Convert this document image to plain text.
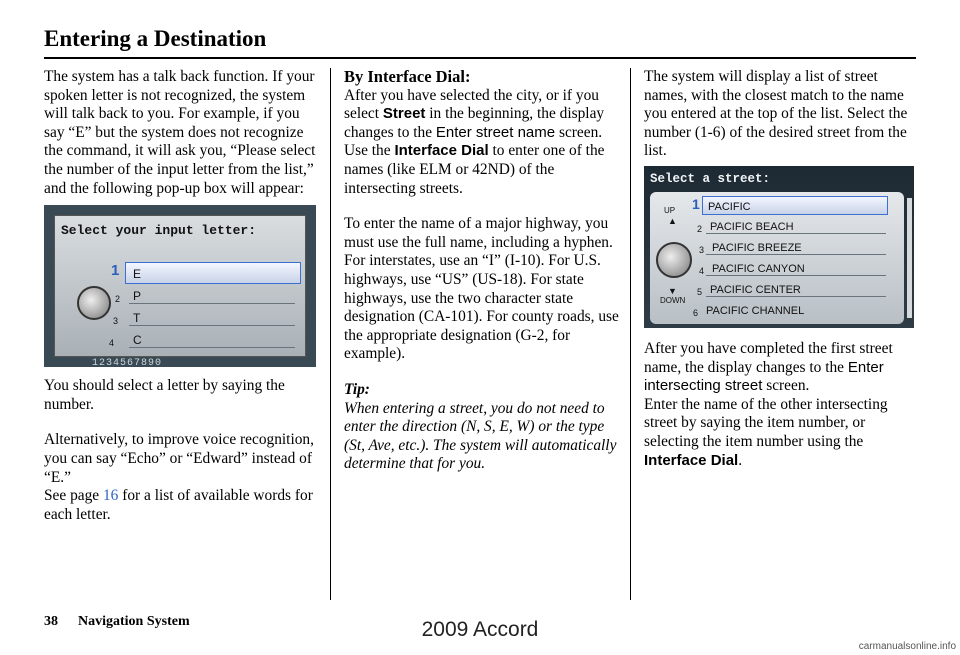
Entering a Destination

The system has a talk back function. If your spoken letter is not recognized, the system will talk back to you. For example, if you say “E” but the system does not recognize the command, it will ask you, “Please select the number of the input letter from the list,” and the following pop-up box will appear:

Select your input letter:
1 E
2 P
3 T
4 C
1234567890

You should select a letter by saying the number.

Alternatively, to improve voice recognition, you can say “Echo” or “Edward” instead of “E.”
See page 16 for a list of available words for each letter.

By Interface Dial:

After you have selected the city, or if you select Street in the beginning, the display changes to the Enter street name screen. Use the Interface Dial to enter one of the names (like ELM or 42ND) of the intersecting streets.

To enter the name of a major highway, you must use the full name, including a hyphen. For interstates, use an “I” (I-10). For U.S. highways, use “US” (US-18). For state highways, use the two character state designation (CA-101). For county roads, use the appropriate designation (G-2, for example).

Tip:

When entering a street, you do not need to enter the direction (N, S, E, W) or the type (St, Ave, etc.). The system will automatically determine that for you.

The system will display a list of street names, with the closest match to the name you entered at the top of the list. Select the number (1-6) of the desired street from the list.

Select a street:
▲
UP
▼
DOWN
1 PACIFIC
2 PACIFIC BEACH
3 PACIFIC BREEZE
4 PACIFIC CANYON
5 PACIFIC CENTER
6 PACIFIC CHANNEL

After you have completed the first street name, the display changes to the Enter intersecting street screen.

Enter the name of the other intersecting street by saying the item number, or selecting the item number using the Interface Dial.

38 Navigation System	2009 Accord
carmanualsonline.info
